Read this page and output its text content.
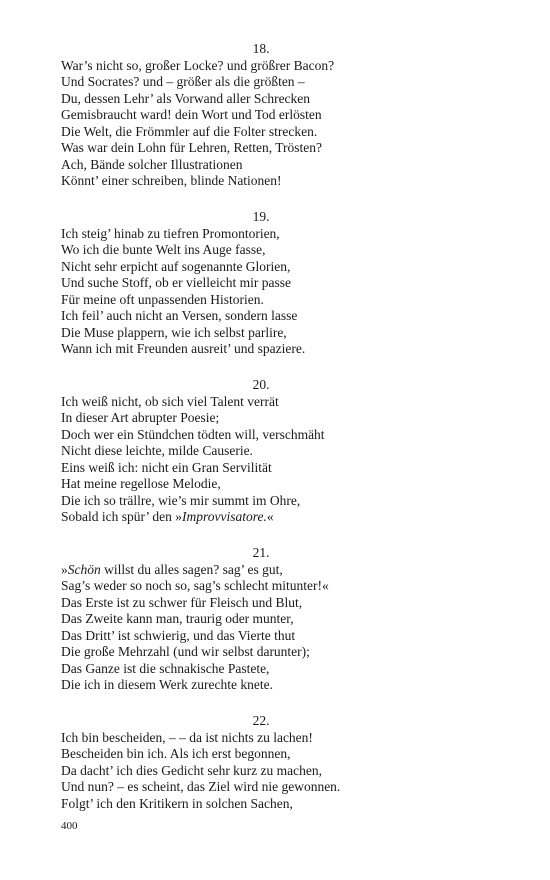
18.
War’s nicht so, großer Locke? und größrer Bacon?
Und Socrates? und – größer als die größten –
Du, dessen Lehr’ als Vorwand aller Schrecken
Gemisbraucht ward! dein Wort und Tod erlösten
Die Welt, die Frömmler auf die Folter strecken.
Was war dein Lohn für Lehren, Retten, Trösten?
Ach, Bände solcher Illustrationen
Könnt’ einer schreiben, blinde Nationen!
19.
Ich steig’ hinab zu tiefren Promontorien,
Wo ich die bunte Welt ins Auge fasse,
Nicht sehr erpicht auf sogenannte Glorien,
Und suche Stoff, ob er vielleicht mir passe
Für meine oft unpassenden Historien.
Ich feil’ auch nicht an Versen, sondern lasse
Die Muse plappern, wie ich selbst parlire,
Wann ich mit Freunden ausreit’ und spaziere.
20.
Ich weiß nicht, ob sich viel Talent verrät
In dieser Art abrupter Poesie;
Doch wer ein Stündchen tödten will, verschmäht
Nicht diese leichte, milde Causerie.
Eins weiß ich: nicht ein Gran Servilität
Hat meine regellose Melodie,
Die ich so trällre, wie’s mir summt im Ohre,
Sobald ich spür’ den »Improvvisatore.«
21.
»Schön willst du alles sagen? sag’ es gut,
Sag’s weder so noch so, sag’s schlecht mitunter!«
Das Erste ist zu schwer für Fleisch und Blut,
Das Zweite kann man, traurig oder munter,
Das Dritt’ ist schwierig, und das Vierte thut
Die große Mehrzahl (und wir selbst darunter);
Das Ganze ist die schnakische Pastete,
Die ich in diesem Werk zurechte knete.
22.
Ich bin bescheiden, – – da ist nichts zu lachen!
Bescheiden bin ich. Als ich erst begonnen,
Da dacht’ ich dies Gedicht sehr kurz zu machen,
Und nun? – es scheint, das Ziel wird nie gewonnen.
Folgt’ ich den Kritikern in solchen Sachen,
400
